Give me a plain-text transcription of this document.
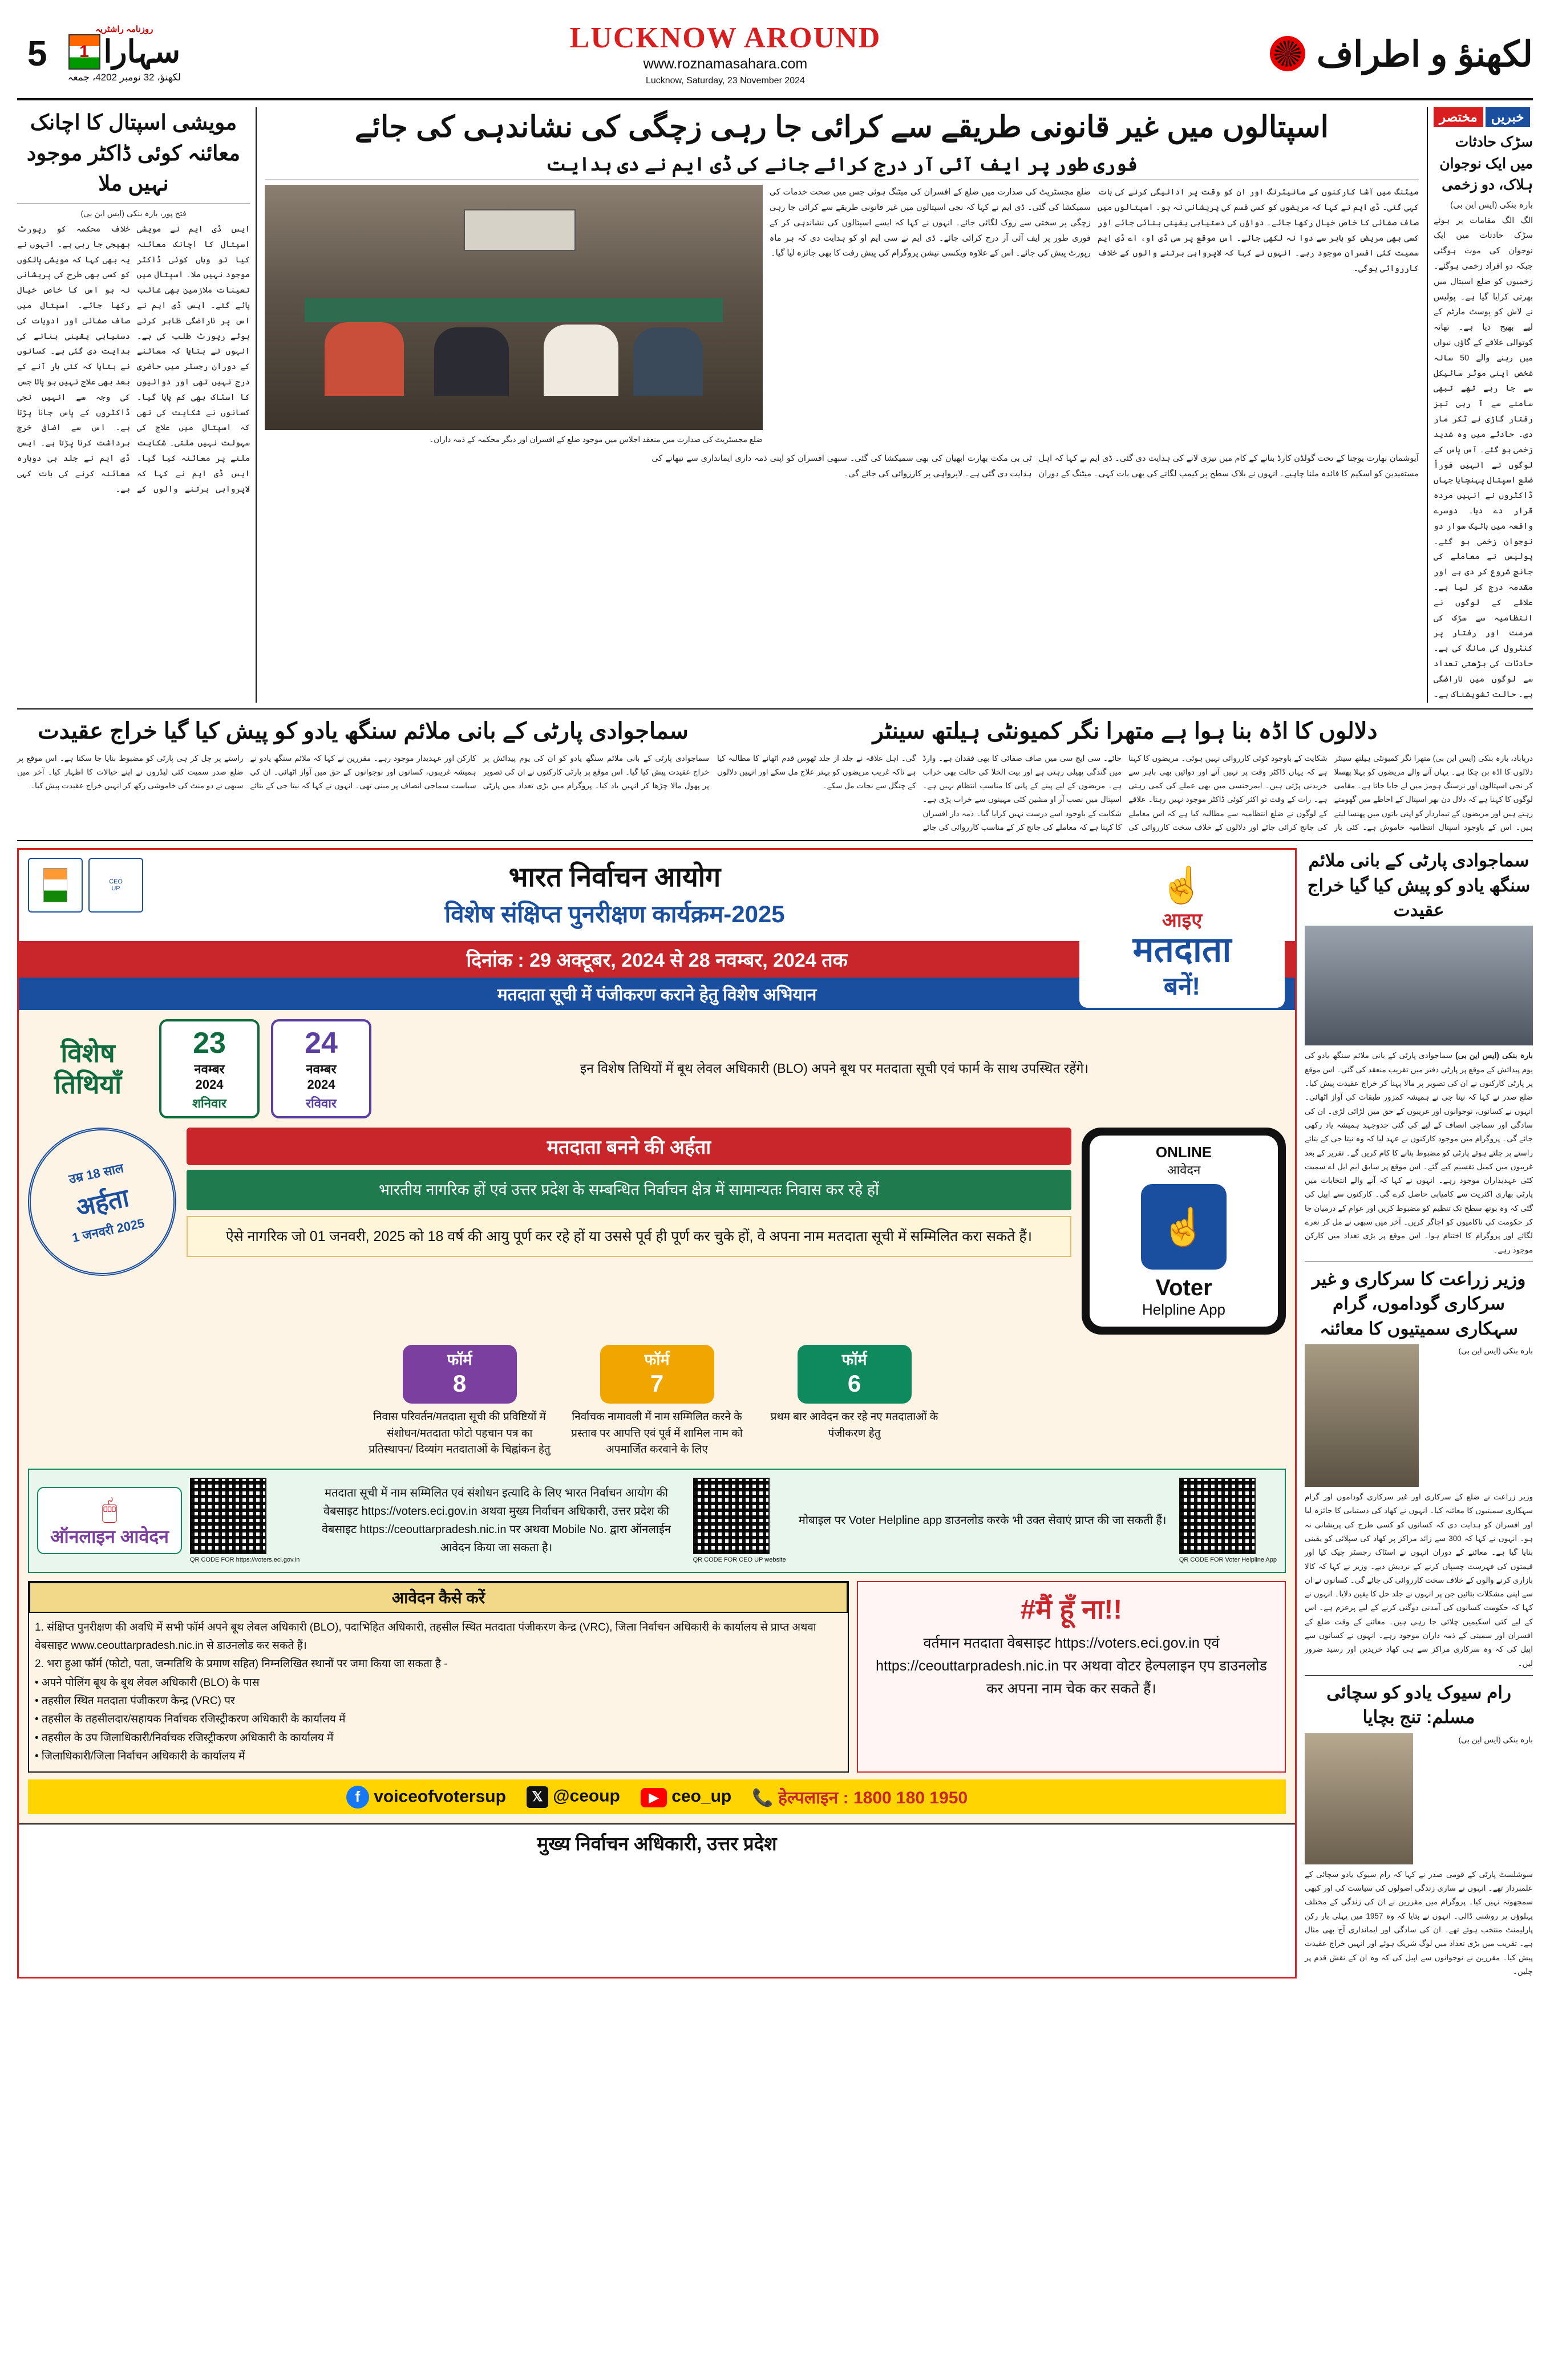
5
روزنامہ راشٹریہ
1 سہارا
لکھنؤ، 23 نومبر 2024، جمعہ
LUCKNOW AROUND
www.roznamasahara.com
Lucknow, Saturday, 23 November 2024
لکھنؤ و اطراف
مختصر	خبریں
سڑک حادثات میں ایک نوجوان ہلاک، دو زخمی
بارہ بنکی (ایس این بی)
الگ الگ مقامات پر ہوئے سڑک حادثات میں ایک نوجوان کی موت ہوگئی جبکہ دو افراد زخمی ہوگئے۔ زخمیوں کو ضلع اسپتال میں بھرتی کرایا گیا ہے۔ پولیس نے لاش کو پوسٹ مارٹم کے لیے بھیج دیا ہے۔ تھانہ کوتوالی علاقے کے گاؤں نیواں میں رہنے والے 50 سالہ شخص اپنی موٹر سائیکل سے جا رہے تھے تبھی سامنے سے آ رہی تیز رفتار گاڑی نے ٹکر مار دی۔ حادثے میں وہ شدید زخمی ہو گئے۔ آس پاس کے لوگوں نے انہیں فوراً ضلع اسپتال پہنچایا جہاں ڈاکٹروں نے انہیں مردہ قرار دے دیا۔ دوسرے واقعہ میں بائیک سوار دو نوجوان زخمی ہو گئے۔ پولیس نے معاملے کی جانچ شروع کر دی ہے اور مقدمہ درج کر لیا ہے۔ علاقے کے لوگوں نے انتظامیہ سے سڑک کی مرمت اور رفتار پر کنٹرول کی مانگ کی ہے۔ حادثات کی بڑھتی تعداد سے لوگوں میں ناراضگی ہے۔ حالت تشویشناک ہے۔
اسپتالوں میں غیر قانونی طریقے سے کرائی جا رہی زچگی کی نشاندہی کی جائے
فوری طور پر ایف آئی آر درج کرائے جانے کی ڈی ایم نے دی ہدایت
ضلع مجسٹریٹ کی صدارت میں منعقد اجلاس میں موجود ضلع کے افسران اور دیگر محکمہ کے ذمہ داران۔
ضلع مجسٹریٹ کی صدارت میں ضلع کے افسران کی میٹنگ ہوئی جس میں صحت خدمات کی سمیکشا کی گئی۔ ڈی ایم نے کہا کہ نجی اسپتالوں میں غیر قانونی طریقے سے کرائی جا رہی زچگی پر سختی سے روک لگائی جائے۔ انہوں نے کہا کہ ایسے اسپتالوں کی نشاندہی کر کے فوری طور پر ایف آئی آر درج کرائی جائے۔ ڈی ایم نے سی ایم او کو ہدایت دی کہ ہر ماہ رپورٹ پیش کی جائے۔ اس کے علاوہ ویکسی نیشن پروگرام کی پیش رفت کا بھی جائزہ لیا گیا۔
میٹنگ میں آشا کارکنوں کے مانیٹرنگ اور ان کو وقت پر ادائیگی کرنے کی بات کہی گئی۔ ڈی ایم نے کہا کہ مریضوں کو کسی قسم کی پریشانی نہ ہو۔ اسپتالوں میں صاف صفائی کا خاص خیال رکھا جائے۔ دواؤں کی دستیابی یقینی بنائی جائے اور کسی بھی مریض کو باہر سے دوا نہ لکھی جائے۔ اس موقع پر سی ڈی او، اے ڈی ایم سمیت کئی افسران موجود رہے۔ انہوں نے کہا کہ لاپرواہی برتنے والوں کے خلاف کارروائی ہوگی۔
آیوشمان بھارت یوجنا کے تحت گولڈن کارڈ بنانے کے کام میں تیزی لانے کی ہدایت دی گئی۔ ڈی ایم نے کہا کہ اہل مستفیدین کو اسکیم کا فائدہ ملنا چاہیے۔ انہوں نے بلاک سطح پر کیمپ لگانے کی بھی بات کہی۔ میٹنگ کے دوران ٹی بی مکت بھارت ابھیان کی بھی سمیکشا کی گئی۔ سبھی افسران کو اپنی ذمہ داری ایمانداری سے نبھانے کی ہدایت دی گئی ہے۔ لاپرواہی پر کارروائی کی جائے گی۔
مویشی اسپتال کا اچانک معائنہ کوئی ڈاکٹر موجود نہیں ملا
فتح پور، بارہ بنکی (ایس این بی)
ایس ڈی ایم نے مویشی اسپتال کا اچانک معائنہ کیا تو وہاں کوئی ڈاکٹر موجود نہیں ملا۔ اسپتال میں تعینات ملازمین بھی غائب پائے گئے۔ ایس ڈی ایم نے اس پر ناراضگی ظاہر کرتے ہوئے رپورٹ طلب کی ہے۔ انہوں نے بتایا کہ معائنے کے دوران رجسٹر میں حاضری درج نہیں تھی اور دوائیوں کا اسٹاک بھی کم پایا گیا۔ کسانوں نے شکایت کی تھی کہ اسپتال میں علاج کی سہولت نہیں ملتی۔ شکایت ملنے پر معائنہ کیا گیا۔ ایس ڈی ایم نے کہا کہ لاپرواہی برتنے والوں کے خلاف محکمہ کو رپورٹ بھیجی جا رہی ہے۔ انہوں نے یہ بھی کہا کہ مویشی پالکوں کو کسی بھی طرح کی پریشانی نہ ہو اس کا خاص خیال رکھا جائے۔ اسپتال میں صاف صفائی اور ادویات کی دستیابی یقینی بنانے کی ہدایت دی گئی ہے۔ کسانوں نے بتایا کہ کئی بار آنے کے بعد بھی علاج نہیں ہو پاتا جس کی وجہ سے انہیں نجی ڈاکٹروں کے پاس جانا پڑتا ہے۔ اس سے اضافی خرچ برداشت کرنا پڑتا ہے۔ ایس ڈی ایم نے جلد ہی دوبارہ معائنہ کرنے کی بات کہی ہے۔
سماجوادی پارٹی کے بانی ملائم سنگھ یادو کو پیش کیا گیا خراج عقیدت
سماجوادی پارٹی کے بانی ملائم سنگھ یادو کو ان کی یوم پیدائش پر خراج عقیدت پیش کیا گیا۔ اس موقع پر پارٹی کارکنوں نے ان کی تصویر پر پھول مالا چڑھا کر انہیں یاد کیا۔ پروگرام میں بڑی تعداد میں پارٹی کارکن اور عہدیدار موجود رہے۔ مقررین نے کہا کہ ملائم سنگھ یادو نے ہمیشہ غریبوں، کسانوں اور نوجوانوں کے حق میں آواز اٹھائی۔ ان کی سیاست سماجی انصاف پر مبنی تھی۔ انہوں نے کہا کہ نیتا جی کے بتائے راستے پر چل کر ہی پارٹی کو مضبوط بنایا جا سکتا ہے۔ اس موقع پر ضلع صدر سمیت کئی لیڈروں نے اپنے خیالات کا اظہار کیا۔ آخر میں سبھی نے دو منٹ کی خاموشی رکھ کر انہیں خراج عقیدت پیش کیا۔
دلالوں کا اڈہ بنا ہوا ہے متھرا نگر کمیونٹی ہیلتھ سینٹر
دریاباد، بارہ بنکی (ایس این بی) متھرا نگر کمیونٹی ہیلتھ سینٹر دلالوں کا اڈہ بن چکا ہے۔ یہاں آنے والے مریضوں کو بہلا پھسلا کر نجی اسپتالوں اور نرسنگ ہومز میں لے جایا جاتا ہے۔ مقامی لوگوں کا کہنا ہے کہ دلال دن بھر اسپتال کے احاطے میں گھومتے رہتے ہیں اور مریضوں کے تیماردار کو اپنی باتوں میں پھنسا لیتے ہیں۔ اس کے باوجود اسپتال انتظامیہ خاموش ہے۔ کئی بار شکایت کے باوجود کوئی کارروائی نہیں ہوئی۔ مریضوں کا کہنا ہے کہ یہاں ڈاکٹر وقت پر نہیں آتے اور دوائیں بھی باہر سے خریدنی پڑتی ہیں۔ ایمرجنسی میں بھی عملے کی کمی رہتی ہے۔ رات کے وقت تو اکثر کوئی ڈاکٹر موجود نہیں رہتا۔ علاقے کے لوگوں نے ضلع انتظامیہ سے مطالبہ کیا ہے کہ اس معاملے کی جانچ کرائی جائے اور دلالوں کے خلاف سخت کارروائی کی جائے۔ سی ایچ سی میں صاف صفائی کا بھی فقدان ہے۔ وارڈ میں گندگی پھیلی رہتی ہے اور بیت الخلا کی حالت بھی خراب ہے۔ مریضوں کے لیے پینے کے پانی کا مناسب انتظام نہیں ہے۔ اسپتال میں نصب آر او مشین کئی مہینوں سے خراب پڑی ہے۔ شکایت کے باوجود اسے درست نہیں کرایا گیا۔ ذمہ دار افسران کا کہنا ہے کہ معاملے کی جانچ کر کے مناسب کارروائی کی جائے گی۔ اہل علاقہ نے جلد از جلد ٹھوس قدم اٹھانے کا مطالبہ کیا ہے تاکہ غریب مریضوں کو بہتر علاج مل سکے اور انہیں دلالوں کے چنگل سے نجات مل سکے۔
سماجوادی پارٹی کے بانی ملائم سنگھ یادو کو پیش کیا گیا خراج عقیدت
بارہ بنکی (ایس این بی) سماجوادی پارٹی کے بانی ملائم سنگھ یادو کی یوم پیدائش کے موقع پر پارٹی دفتر میں تقریب منعقد کی گئی۔ اس موقع پر پارٹی کارکنوں نے ان کی تصویر پر مالا پہنا کر خراج عقیدت پیش کیا۔ ضلع صدر نے کہا کہ نیتا جی نے ہمیشہ کمزور طبقات کی آواز اٹھائی۔ انہوں نے کسانوں، نوجوانوں اور غریبوں کے حق میں لڑائی لڑی۔ ان کی سادگی اور سماجی انصاف کے لیے کی گئی جدوجہد ہمیشہ یاد رکھی جائے گی۔ پروگرام میں موجود کارکنوں نے عہد لیا کہ وہ نیتا جی کے بتائے راستے پر چلتے ہوئے پارٹی کو مضبوط بنانے کا کام کریں گے۔ تقریر کے بعد غریبوں میں کمبل تقسیم کیے گئے۔ اس موقع پر سابق ایم ایل اے سمیت کئی عہدیداران موجود رہے۔ انہوں نے کہا کہ آنے والے انتخابات میں پارٹی بھاری اکثریت سے کامیابی حاصل کرے گی۔ کارکنوں سے اپیل کی گئی کہ وہ بوتھ سطح تک تنظیم کو مضبوط کریں اور عوام کے درمیان جا کر حکومت کی ناکامیوں کو اجاگر کریں۔ آخر میں سبھی نے مل کر نعرے لگائے اور پروگرام کا اختتام ہوا۔ اس موقع پر بڑی تعداد میں کارکن موجود رہے۔
وزیر زراعت کا سرکاری و غیر سرکاری گوداموں، گرام سہکاری سمیتیوں کا معائنہ
بارہ بنکی (ایس این بی)
وزیر زراعت نے ضلع کے سرکاری اور غیر سرکاری گوداموں اور گرام سہکاری سمیتیوں کا معائنہ کیا۔ انہوں نے کھاد کی دستیابی کا جائزہ لیا اور افسران کو ہدایت دی کہ کسانوں کو کسی طرح کی پریشانی نہ ہو۔ انہوں نے کہا کہ 300 سے زائد مراکز پر کھاد کی سپلائی کو یقینی بنایا گیا ہے۔ معائنے کے دوران انہوں نے اسٹاک رجسٹر چیک کیا اور قیمتوں کی فہرست چسپاں کرنے کے نردیش دیے۔ وزیر نے کہا کہ کالا بازاری کرنے والوں کے خلاف سخت کارروائی کی جائے گی۔ کسانوں نے ان سے اپنی مشکلات بتائیں جن پر انہوں نے جلد حل کا یقین دلایا۔ انہوں نے کہا کہ حکومت کسانوں کی آمدنی دوگنی کرنے کے لیے پرعزم ہے۔ اس کے لیے کئی اسکیمیں چلائی جا رہی ہیں۔ معائنے کے وقت ضلع کے افسران اور سمیتی کے ذمہ داران موجود رہے۔ انہوں نے کسانوں سے اپیل کی کہ وہ سرکاری مراکز سے ہی کھاد خریدیں اور رسید ضرور لیں۔
رام سیوک یادو کو سچائی مسلم: تنج بچایا
بارہ بنکی (ایس این بی)
سوشلسٹ پارٹی کے قومی صدر نے کہا کہ رام سیوک یادو سچائی کے علمبردار تھے۔ انہوں نے ساری زندگی اصولوں کی سیاست کی اور کبھی سمجھوتہ نہیں کیا۔ پروگرام میں مقررین نے ان کی زندگی کے مختلف پہلوؤں پر روشنی ڈالی۔ انہوں نے بتایا کہ وہ 1957 میں پہلی بار رکن پارلیمنٹ منتخب ہوئے تھے۔ ان کی سادگی اور ایمانداری آج بھی مثال ہے۔ تقریب میں بڑی تعداد میں لوگ شریک ہوئے اور انہیں خراج عقیدت پیش کیا۔ مقررین نے نوجوانوں سے اپیل کی کہ وہ ان کے نقش قدم پر چلیں۔
CEO
UP	भारत निर्वाचन आयोग
विशेष संक्षिप्त पुनरीक्षण कार्यक्रम-2025
☝
आइए
मतदाता
बनें!
दिनांक : 29 अक्टूबर, 2024 से 28 नवम्बर, 2024 तक
मतदाता सूची में पंजीकरण कराने हेतु विशेष अभियान
विशेष तिथियाँ
23
नवम्बर
2024
शनिवार
24
नवम्बर
2024
रविवार
इन विशेष तिथियों में बूथ लेवल अधिकारी (BLO) अपने बूथ पर मतदाता सूची एवं फार्म के साथ उपस्थित रहेंगे।
उम्र 18 साल
अर्हता
1 जनवरी 2025
मतदाता बनने की अर्हता
भारतीय नागरिक हों एवं उत्तर प्रदेश के सम्बन्धित निर्वाचन क्षेत्र में सामान्यतः निवास कर रहे हों
ऐसे नागरिक जो 01 जनवरी, 2025 को 18 वर्ष की आयु पूर्ण कर रहे हों या उससे पूर्व ही पूर्ण कर चुके हों, वे अपना नाम मतदाता सूची में सम्मिलित करा सकते हैं।
ONLINE
आवेदन
☝
Voter
Helpline App
फॉर्म
8
निवास परिवर्तन/मतदाता सूची की प्रविष्टियों में संशोधन/मतदाता फोटो पहचान पत्र का प्रतिस्थापन/ दिव्यांग मतदाताओं के चिह्नांकन हेतु
फॉर्म
7
निर्वाचक नामावली में नाम सम्मिलित करने के प्रस्ताव पर आपत्ति एवं पूर्व में शामिल नाम को अपमार्जित करवाने के लिए
फॉर्म
6
प्रथम बार आवेदन कर रहे नए मतदाताओं के पंजीकरण हेतु
🖱
ऑनलाइन आवेदन
QR CODE FOR https://voters.eci.gov.in
मतदाता सूची में नाम सम्मिलित एवं संशोधन इत्यादि के लिए भारत निर्वाचन आयोग की वेबसाइट https://voters.eci.gov.in अथवा मुख्य निर्वाचन अधिकारी, उत्तर प्रदेश की वेबसाइट https://ceouttarpradesh.nic.in पर अथवा Mobile No. द्वारा ऑनलाईन आवेदन किया जा सकता है।
QR CODE FOR CEO UP website
मोबाइल पर Voter Helpline app डाउनलोड करके भी उक्त सेवाएं प्राप्त की जा सकती हैं।
QR CODE FOR Voter Helpline App
आवेदन कैसे करें
1. संक्षिप्त पुनरीक्षण की अवधि में सभी फॉर्म अपने बूथ लेवल अधिकारी (BLO), पदाभिहित अधिकारी, तहसील स्थित मतदाता पंजीकरण केन्द्र (VRC), जिला निर्वाचन अधिकारी के कार्यालय से प्राप्त अथवा वेबसाइट www.ceouttarpradesh.nic.in से डाउनलोड कर सकते हैं।
2. भरा हुआ फॉर्म (फोटो, पता, जन्मतिथि के प्रमाण सहित) निम्नलिखित स्थानों पर जमा किया जा सकता है -
• अपने पोलिंग बूथ के बूथ लेवल अधिकारी (BLO) के पास
• तहसील स्थित मतदाता पंजीकरण केन्द्र (VRC) पर
• तहसील के तहसीलदार/सहायक निर्वाचक रजिस्ट्रीकरण अधिकारी के कार्यालय में
• तहसील के उप जिलाधिकारी/निर्वाचक रजिस्ट्रीकरण अधिकारी के कार्यालय में
• जिलाधिकारी/जिला निर्वाचन अधिकारी के कार्यालय में
#मैं हूँ ना!!
वर्तमान मतदाता वेबसाइट https://voters.eci.gov.in एवं https://ceouttarpradesh.nic.in पर अथवा वोटर हेल्पलाइन एप डाउनलोड कर अपना नाम चेक कर सकते हैं।
f voiceofvotersup	𝕏 @ceoup	▶ ceo_up 📞 हेल्पलाइन : 1800 180 1950
मुख्य निर्वाचन अधिकारी, उत्तर प्रदेश
